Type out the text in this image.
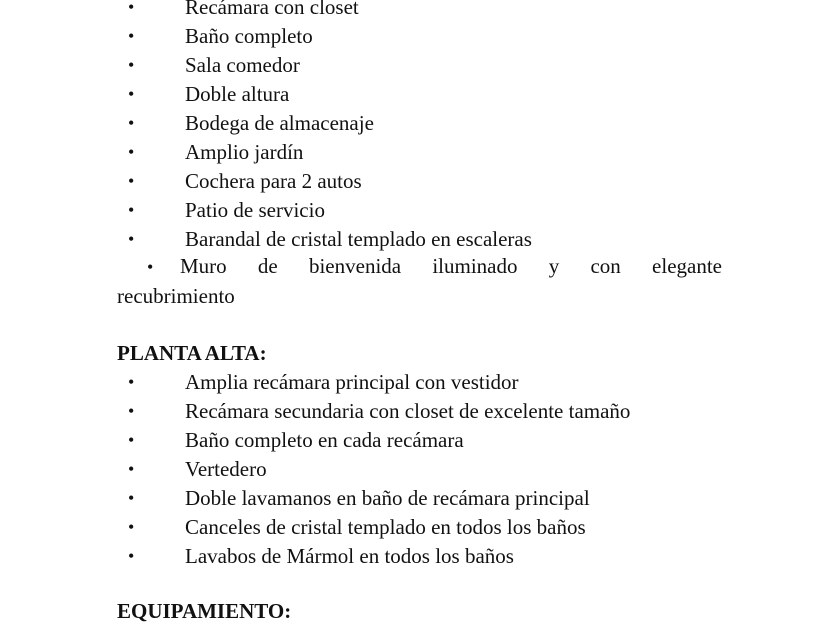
• Recámara con closet
• Baño completo
• Sala comedor
• Doble altura
• Bodega de almacenaje
• Amplio jardín
• Cochera para 2 autos
• Patio de servicio
• Barandal de cristal templado en escaleras
• Muro de bienvenida iluminado y con elegante
recubrimiento
PLANTA ALTA:
• Amplia recámara principal con vestidor
• Recámara secundaria con closet de excelente tamaño
• Baño completo en cada recámara
• Vertedero
• Doble lavamanos en baño de recámara principal
• Canceles de cristal templado en todos los baños
• Lavabos de Mármol en todos los baños
EQUIPAMIENTO:
